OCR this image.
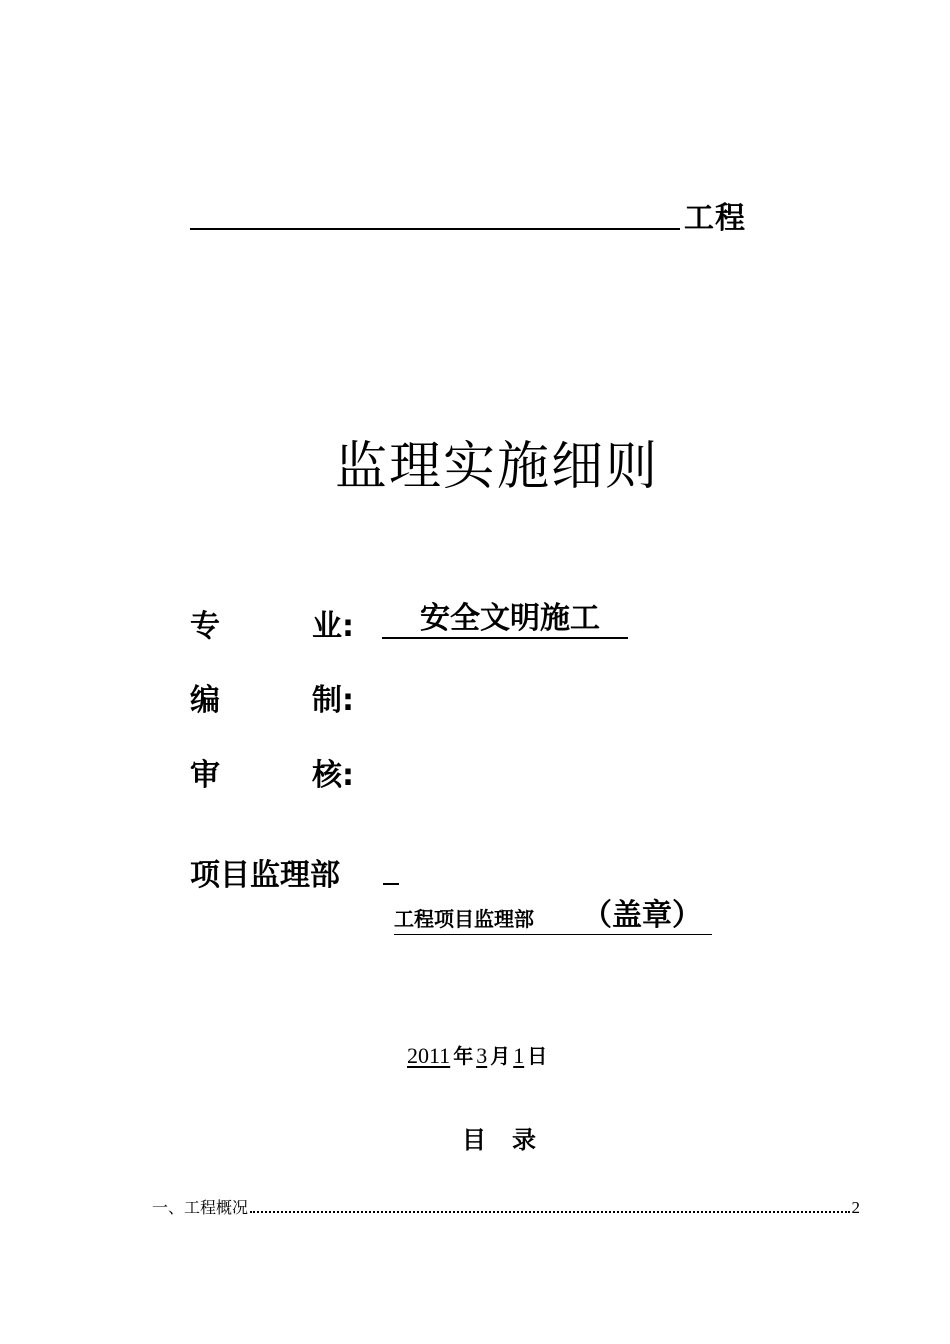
工程
监理实施细则
专	业:	安全文明施工
编	制:
审	核:
项目监理部
工程项目监理部 （盖章）
2011 年 3 月 1 日
目 录
一、工程概况	2
